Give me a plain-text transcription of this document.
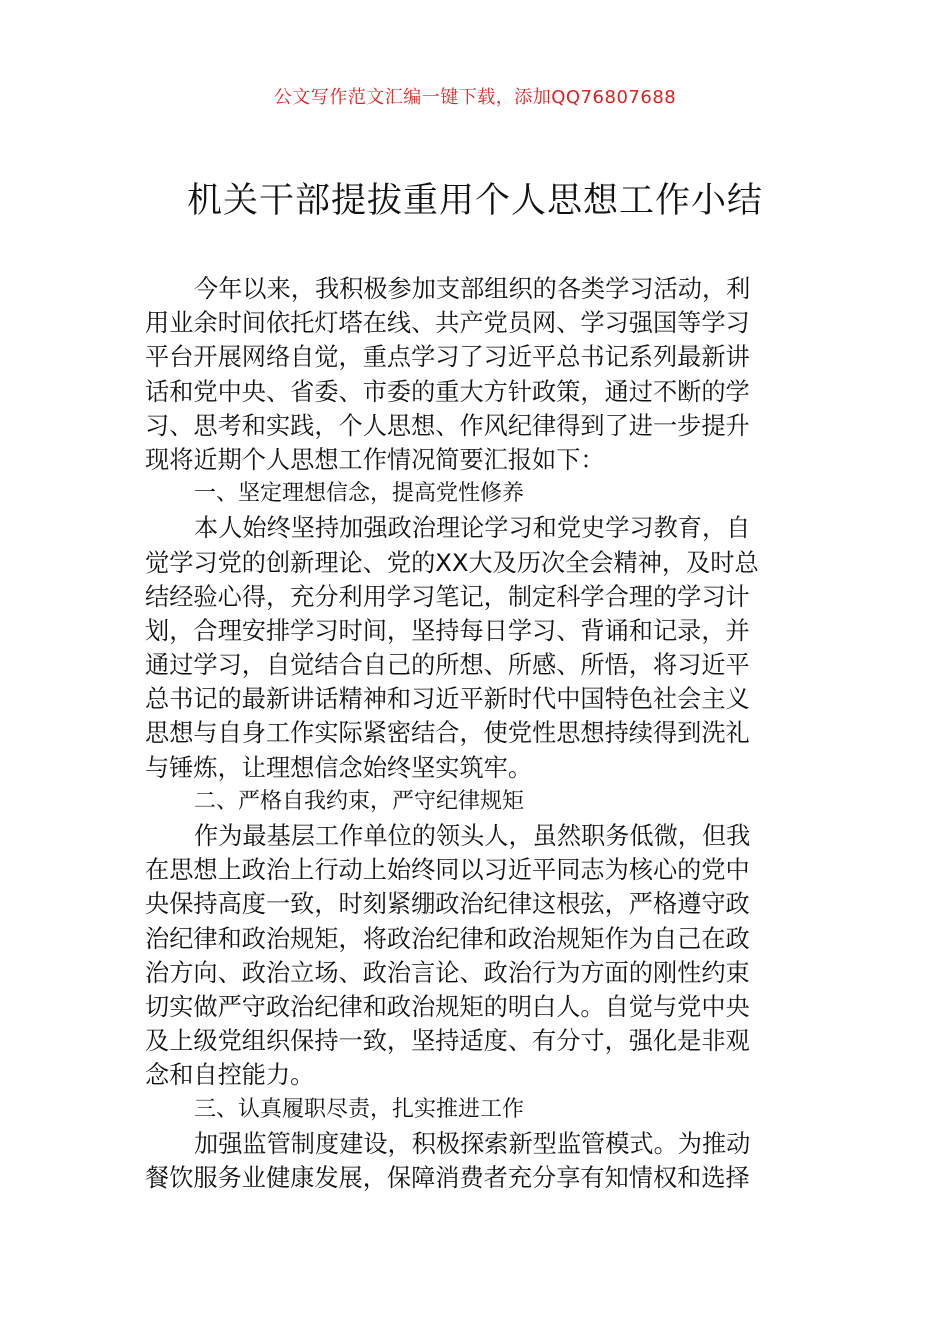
公文写作范文汇编一键下载，添加QQ76807688
机关干部提拔重用个人思想工作小结
今年以来，我积极参加支部组织的各类学习活动，利
用业余时间依托灯塔在线、共产党员网、学习强国等学习
平台开展网络自觉，重点学习了习近平总书记系列最新讲
话和党中央、省委、市委的重大方针政策，通过不断的学
习、思考和实践，个人思想、作风纪律得到了进一步提升
现将近期个人思想工作情况简要汇报如下：
一、坚定理想信念，提高党性修养
本人始终坚持加强政治理论学习和党史学习教育，自
觉学习党的创新理论、党的XX大及历次全会精神，及时总
结经验心得，充分利用学习笔记，制定科学合理的学习计
划，合理安排学习时间，坚持每日学习、背诵和记录，并
通过学习，自觉结合自己的所想、所感、所悟，将习近平
总书记的最新讲话精神和习近平新时代中国特色社会主义
思想与自身工作实际紧密结合，使党性思想持续得到洗礼
与锤炼，让理想信念始终坚实筑牢。
二、严格自我约束，严守纪律规矩
作为最基层工作单位的领头人，虽然职务低微，但我
在思想上政治上行动上始终同以习近平同志为核心的党中
央保持高度一致，时刻紧绷政治纪律这根弦，严格遵守政
治纪律和政治规矩，将政治纪律和政治规矩作为自己在政
治方向、政治立场、政治言论、政治行为方面的刚性约束
切实做严守政治纪律和政治规矩的明白人。自觉与党中央
及上级党组织保持一致，坚持适度、有分寸，强化是非观
念和自控能力。
三、认真履职尽责，扎实推进工作
加强监管制度建设，积极探索新型监管模式。为推动
餐饮服务业健康发展，保障消费者充分享有知情权和选择
